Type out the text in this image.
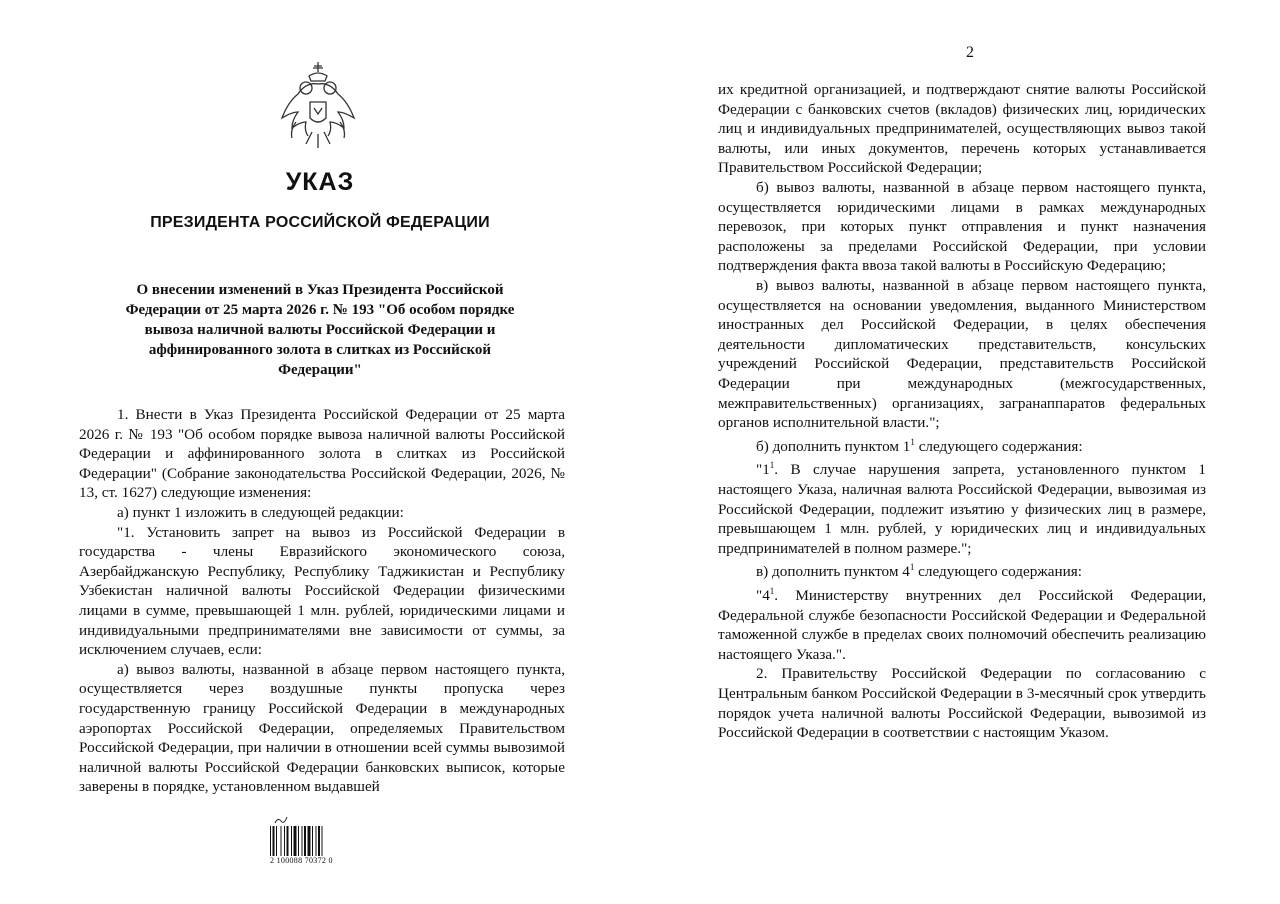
УКАЗ
ПРЕЗИДЕНТА РОССИЙСКОЙ ФЕДЕРАЦИИ
О внесении изменений в Указ Президента Российской Федерации от 25 марта 2026 г. № 193 "Об особом порядке вывоза наличной валюты Российской Федерации и аффинированного золота в слитках из Российской Федерации"

1. Внести в Указ Президента Российской Федерации от 25 марта 2026 г. № 193 "Об особом порядке вывоза наличной валюты Российской Федерации и аффинированного золота в слитках из Российской Федерации" (Собрание законодательства Российской Федерации, 2026, № 13, ст. 1627) следующие изменения:

а) пункт 1 изложить в следующей редакции:

"1. Установить запрет на вывоз из Российской Федерации в государства - члены Евразийского экономического союза, Азербайджанскую Республику, Республику Таджикистан и Республику Узбекистан наличной валюты Российской Федерации физическими лицами в сумме, превышающей 1 млн. рублей, юридическими лицами и индивидуальными предпринимателями вне зависимости от суммы, за исключением случаев, если:

а) вывоз валюты, названной в абзаце первом настоящего пункта, осуществляется через воздушные пункты пропуска через государственную границу Российской Федерации в международных аэропортах Российской Федерации, определяемых Правительством Российской Федерации, при наличии в отношении всей суммы вывозимой наличной валюты Российской Федерации банковских выписок, которые заверены в порядке, установленном выдавшей

2 100088 70372 0
2

их кредитной организацией, и подтверждают снятие валюты Российской Федерации с банковских счетов (вкладов) физических лиц, юридических лиц и индивидуальных предпринимателей, осуществляющих вывоз такой валюты, или иных документов, перечень которых устанавливается Правительством Российской Федерации;

б) вывоз валюты, названной в абзаце первом настоящего пункта, осуществляется юридическими лицами в рамках международных перевозок, при которых пункт отправления и пункт назначения расположены за пределами Российской Федерации, при условии подтверждения факта ввоза такой валюты в Российскую Федерацию;

в) вывоз валюты, названной в абзаце первом настоящего пункта, осуществляется на основании уведомления, выданного Министерством иностранных дел Российской Федерации, в целях обеспечения деятельности дипломатических представительств, консульских учреждений Российской Федерации, представительств Российской Федерации при международных (межгосударственных, межправительственных) организациях, загранаппаратов федеральных органов исполнительной власти.";

б) дополнить пунктом $1^1$ следующего содержания:

"$1^1$. В случае нарушения запрета, установленного пунктом 1 настоящего Указа, наличная валюта Российской Федерации, вывозимая из Российской Федерации, подлежит изъятию у физических лиц в размере, превышающем 1 млн. рублей, у юридических лиц и индивидуальных предпринимателей в полном размере.";

в) дополнить пунктом $4^1$ следующего содержания:

"$4^1$. Министерству внутренних дел Российской Федерации, Федеральной службе безопасности Российской Федерации и Федеральной таможенной службе в пределах своих полномочий обеспечить реализацию настоящего Указа.".

2. Правительству Российской Федерации по согласованию с Центральным банком Российской Федерации в 3-месячный срок утвердить порядок учета наличной валюты Российской Федерации, вывозимой из Российской Федерации в соответствии с настоящим Указом.
